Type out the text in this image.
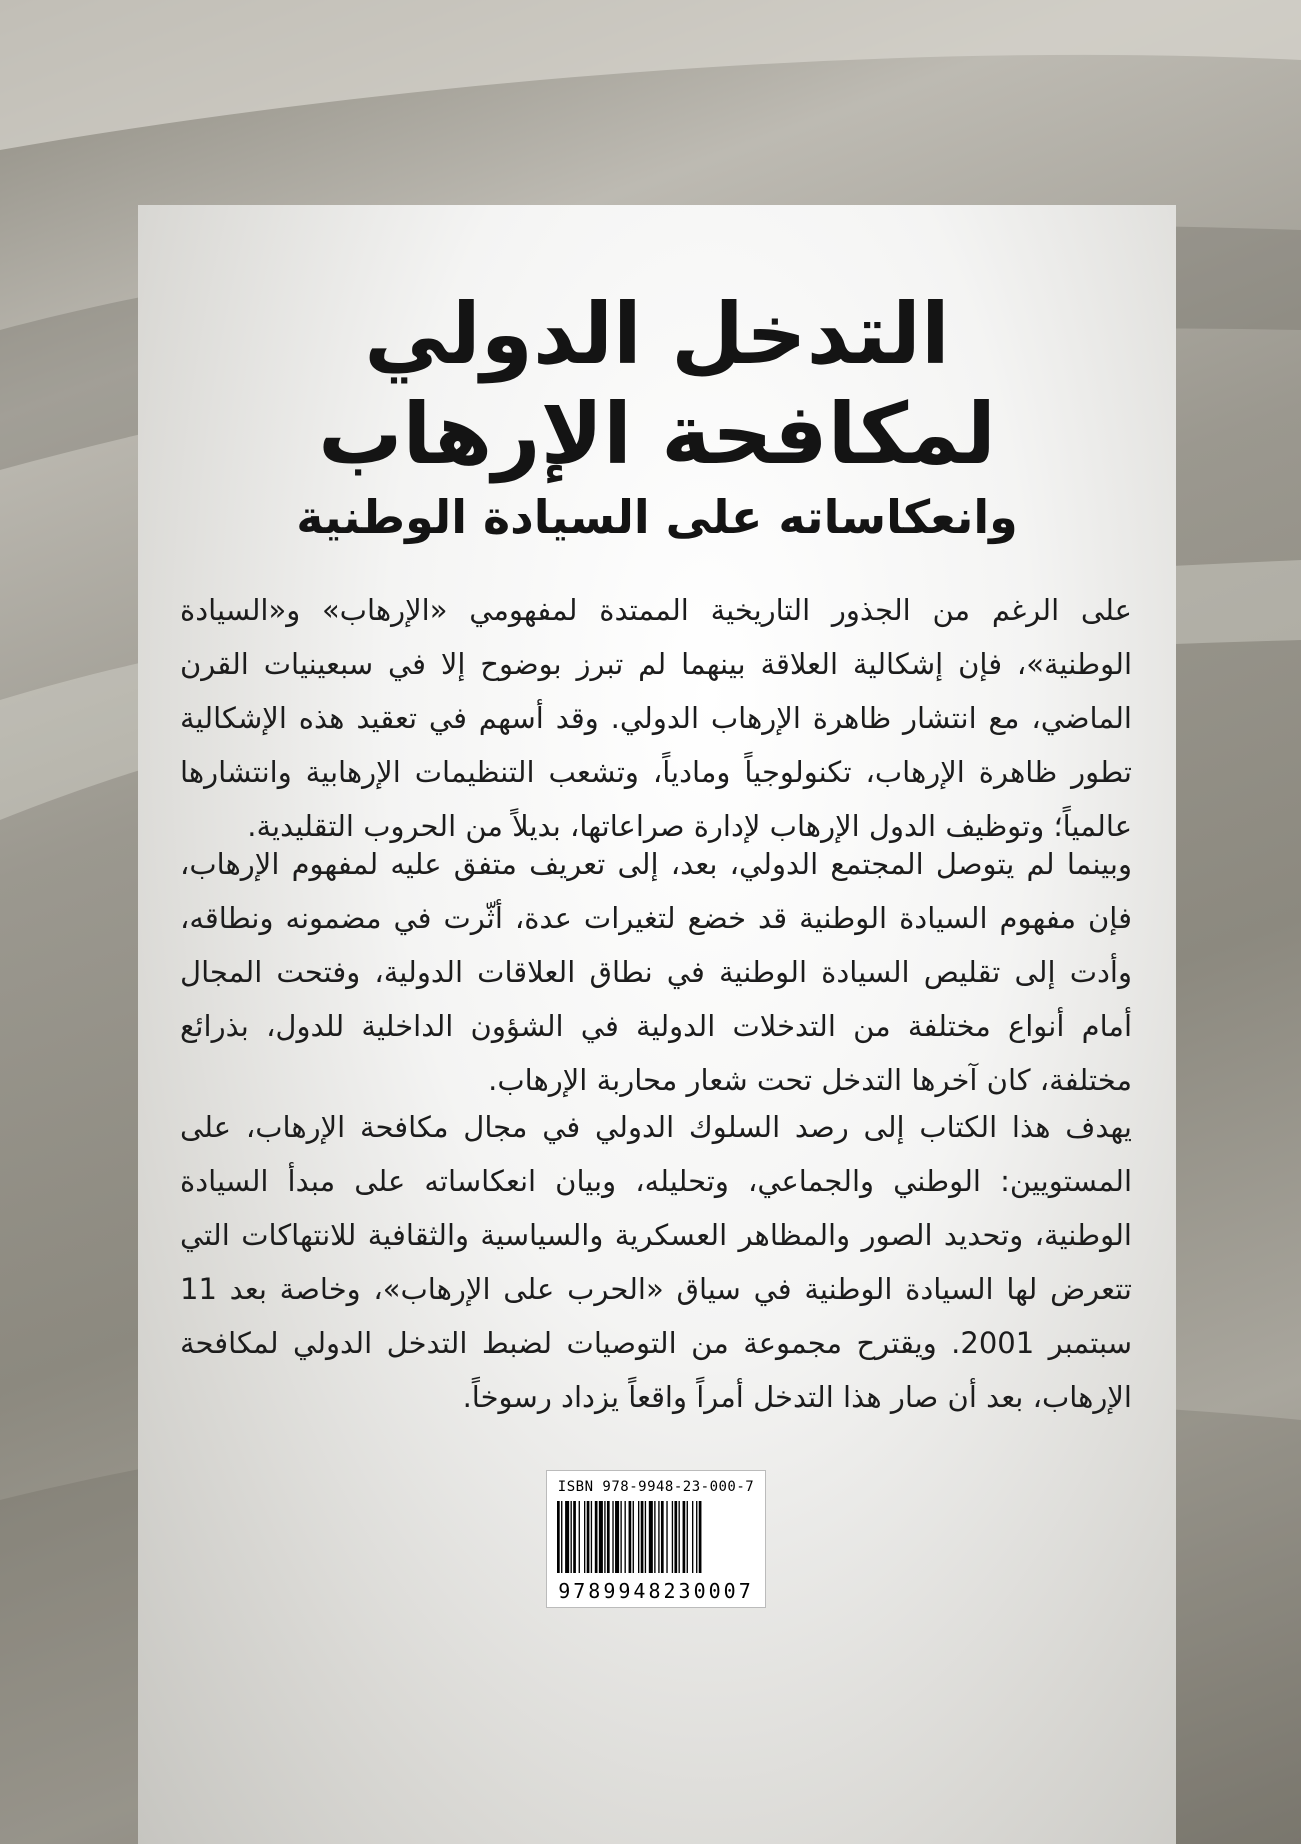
التدخل الدولي
لمكافحة الإرهاب
وانعكاساته على السيادة الوطنية

على الرغم من الجذور التاريخية الممتدة لمفهومي «الإرهاب» و«السيادة الوطنية»، فإن إشكالية العلاقة بينهما لم تبرز بوضوح إلا في سبعينيات القرن الماضي، مع انتشار ظاهرة الإرهاب الدولي. وقد أسهم في تعقيد هذه الإشكالية تطور ظاهرة الإرهاب، تكنولوجياً ومادياً، وتشعب التنظيمات الإرهابية وانتشارها عالمياً؛ وتوظيف الدول الإرهاب لإدارة صراعاتها، بديلاً من الحروب التقليدية.

وبينما لم يتوصل المجتمع الدولي، بعد، إلى تعريف متفق عليه لمفهوم الإرهاب، فإن مفهوم السيادة الوطنية قد خضع لتغيرات عدة، أثّرت في مضمونه ونطاقه، وأدت إلى تقليص السيادة الوطنية في نطاق العلاقات الدولية، وفتحت المجال أمام أنواع مختلفة من التدخلات الدولية في الشؤون الداخلية للدول، بذرائع مختلفة، كان آخرها التدخل تحت شعار محاربة الإرهاب.

يهدف هذا الكتاب إلى رصد السلوك الدولي في مجال مكافحة الإرهاب، على المستويين: الوطني والجماعي، وتحليله، وبيان انعكاساته على مبدأ السيادة الوطنية، وتحديد الصور والمظاهر العسكرية والسياسية والثقافية للانتهاكات التي تتعرض لها السيادة الوطنية في سياق «الحرب على الإرهاب»، وخاصة بعد 11 سبتمبر 2001. ويقترح مجموعة من التوصيات لضبط التدخل الدولي لمكافحة الإرهاب، بعد أن صار هذا التدخل أمراً واقعاً يزداد رسوخاً.

ISBN 978-9948-23-000-7
9789948230007
